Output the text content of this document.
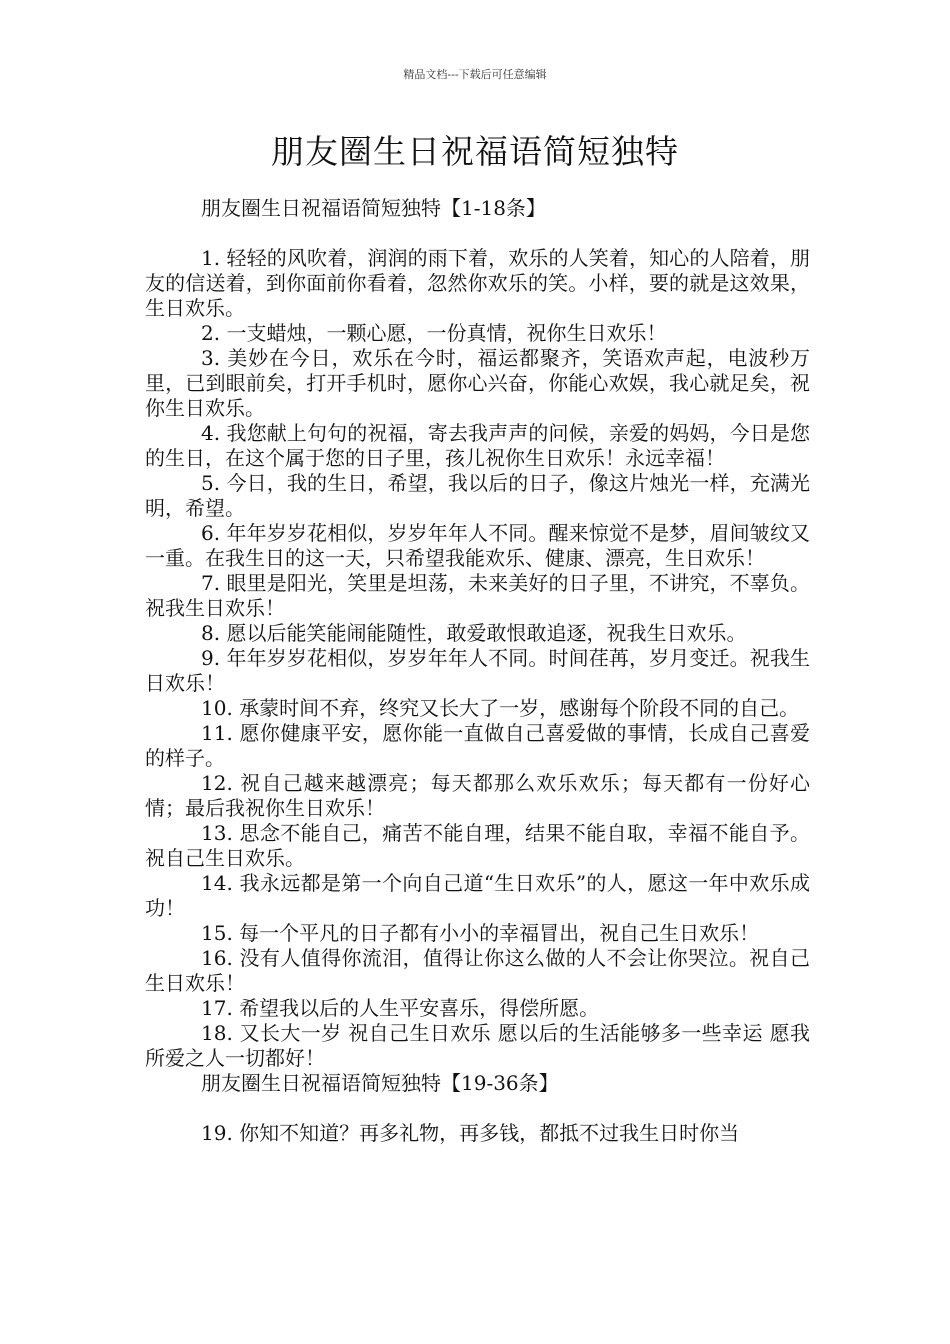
精品文档---下载后可任意编辑
朋友圈生日祝福语简短独特

朋友圈生日祝福语简短独特【1-18条】

1. 轻轻的风吹着，润润的雨下着，欢乐的人笑着，知心的人陪着，朋友的信送着，到你面前你看着，忽然你欢乐的笑。小样，要的就是这效果，生日欢乐。

2. 一支蜡烛，一颗心愿，一份真情，祝你生日欢乐！

3. 美妙在今日，欢乐在今时，福运都聚齐，笑语欢声起，电波秒万里，已到眼前矣，打开手机时，愿你心兴奋，你能心欢娱，我心就足矣，祝你生日欢乐。

4. 我您献上句句的祝福，寄去我声声的问候，亲爱的妈妈，今日是您的生日，在这个属于您的日子里，孩儿祝你生日欢乐！永远幸福！

5. 今日，我的生日，希望，我以后的日子，像这片烛光一样，充满光明，希望。

6. 年年岁岁花相似，岁岁年年人不同。醒来惊觉不是梦，眉间皱纹又一重。在我生日的这一天，只希望我能欢乐、健康、漂亮，生日欢乐！

7. 眼里是阳光，笑里是坦荡，未来美好的日子里，不讲究，不辜负。祝我生日欢乐！

8. 愿以后能笑能闹能随性，敢爱敢恨敢追逐，祝我生日欢乐。

9. 年年岁岁花相似，岁岁年年人不同。时间荏苒，岁月变迁。祝我生日欢乐！

10. 承蒙时间不弃，终究又长大了一岁，感谢每个阶段不同的自己。

11. 愿你健康平安，愿你能一直做自己喜爱做的事情，长成自己喜爱的样子。

12. 祝自己越来越漂亮；每天都那么欢乐欢乐；每天都有一份好心情；最后我祝你生日欢乐！

13. 思念不能自己，痛苦不能自理，结果不能自取，幸福不能自予。祝自己生日欢乐。

14. 我永远都是第一个向自己道“生日欢乐”的人，愿这一年中欢乐成功！

15. 每一个平凡的日子都有小小的幸福冒出，祝自己生日欢乐！

16. 没有人值得你流泪，值得让你这么做的人不会让你哭泣。祝自己生日欢乐！

17. 希望我以后的人生平安喜乐，得偿所愿。

18. 又长大一岁 祝自己生日欢乐 愿以后的生活能够多一些幸运 愿我所爱之人一切都好！

朋友圈生日祝福语简短独特【19-36条】

19. 你知不知道？再多礼物，再多钱，都抵不过我生日时你当
